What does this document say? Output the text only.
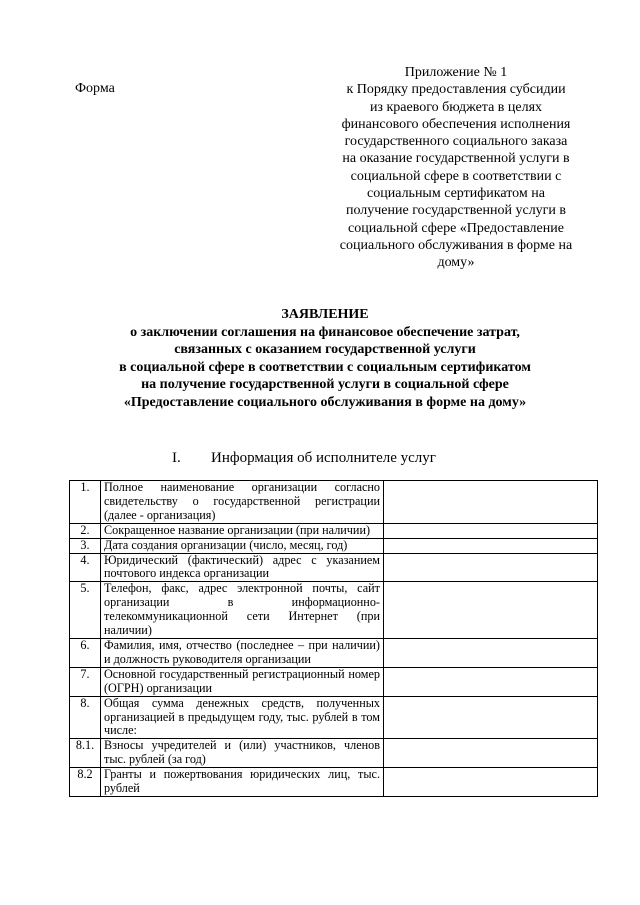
Форма
Приложение № 1
к Порядку предоставления субсидии
из краевого бюджета в целях
финансового обеспечения исполнения
государственного социального заказа
на оказание государственной услуги в
социальной сфере в соответствии с
социальным сертификатом на
получение государственной услуги в
социальной сфере «Предоставление
социального обслуживания в форме на
дому»
ЗАЯВЛЕНИЕ
о заключении соглашения на финансовое обеспечение затрат,
связанных с оказанием государственной услуги
в социальной сфере в соответствии с социальным сертификатом
на получение государственной услуги в социальной сфере
«Предоставление социального обслуживания в форме на дому»
I. Информация об исполнителе услуг
1.	Полное наименование организации согласно свидетельству о государственной регистрации (далее - организация)	
2.	Сокращенное название организации (при наличии)	
3.	Дата создания организации (число, месяц, год)	
4.	Юридический (фактический) адрес с указанием почтового индекса организации	
5.	Телефон, факс, адрес электронной почты, сайт организации в информационно-телекоммуникационной сети Интернет (при наличии)	
6.	Фамилия, имя, отчество (последнее – при наличии) и должность руководителя организации	
7.	Основной государственный регистрационный номер (ОГРН) организации	
8.	Общая сумма денежных средств, полученных организацией в предыдущем году, тыс. рублей в том числе:	
8.1.	Взносы учредителей и (или) участников, членов тыс. рублей (за год)	
8.2	Гранты и пожертвования юридических лиц, тыс. рублей	
